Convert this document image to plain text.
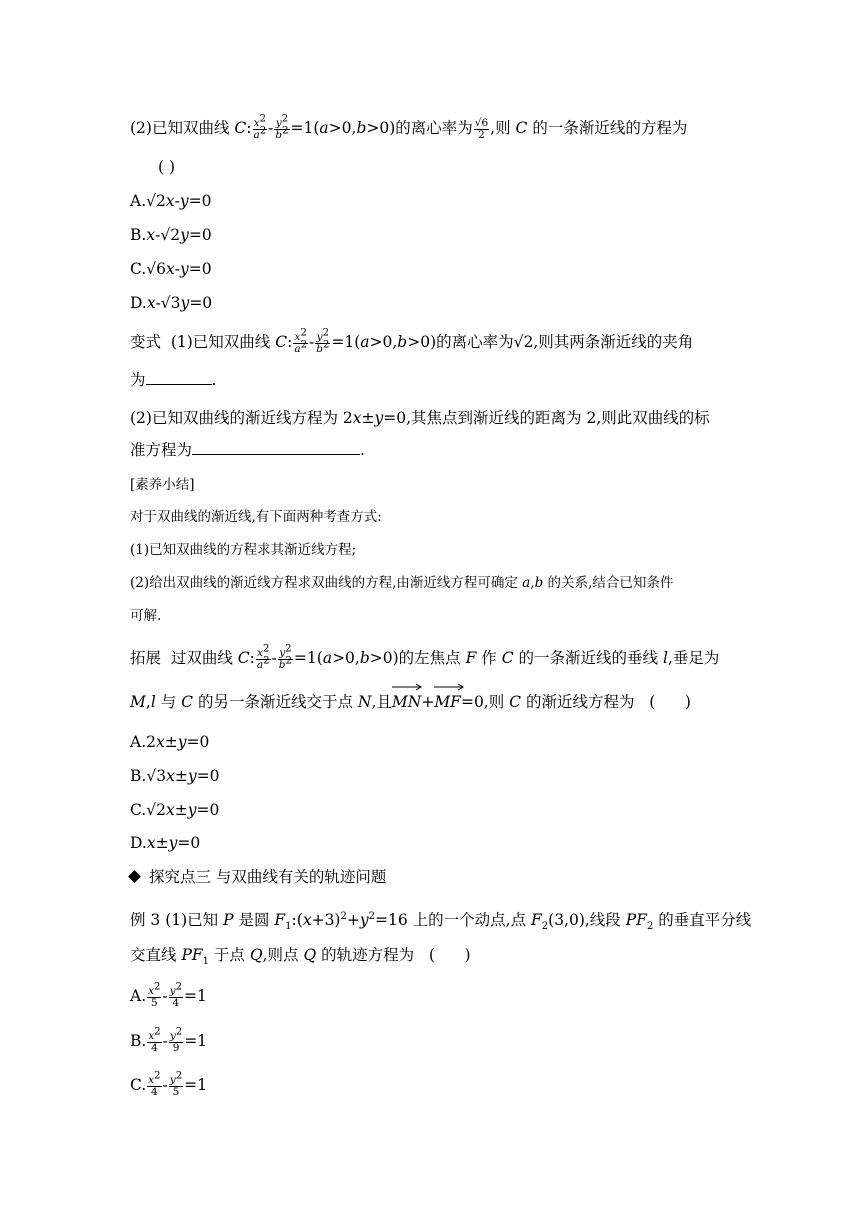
(2)已知双曲线 C: $\frac{x^2}{a^2} - \frac{y^2}{b^2} =1(a>0,b>0)$的离心率为 $\frac{√6}{2}$ ,则 C 的一条渐近线的方程为
( )
A.√2x-y=0
B.x-√2y=0
C.√6x-y=0
D.x-√3y=0
变式  (1)已知双曲线 C: $\frac{x^2}{a^2} - \frac{y^2}{b^2} =1(a>0,b>0)$的离心率为√2,则其两条渐近线的夹角
为	.
(2)已知双曲线的渐近线方程为 2x±y=0,其焦点到渐近线的距离为 2,则此双曲线的标
准方程为	.
[素养小结]
对于双曲线的渐近线,有下面两种考查方式:
(1)已知双曲线的方程求其渐近线方程;
(2)给出双曲线的渐近线方程求双曲线的方程,由渐近线方程可确定 a,b 的关系,结合已知条件
可解.
拓展  过双曲线 C: $\frac{x^2}{a^2} - \frac{y^2}{b^2} =1(a>0,b>0)$的左焦点 F 作 C 的一条渐近线的垂线 l,垂足为
M,l 与 C 的另一条渐近线交于点 N,且
MN+
MF=0,则 C 的渐近线方程为   (      )
A.2x±y=0
B.√3x±y=0
C.√2x±y=0
D.x±y=0
探究点三 与双曲线有关的轨迹问题
例 3 (1)已知 P 是圆 $F_1:(x+3)^2+y^2=16$ 上的一个动点,点 $F_2(3,0)$,线段 $PF_2$ 的垂直平分线
交直线 $PF_1$ 于点 Q,则点 Q 的轨迹方程为   (      )
A. $\frac{x^2}{5} - \frac{y^2}{4} =1$
B. $\frac{x^2}{4} - \frac{y^2}{9} =1$
C. $\frac{x^2}{4} - \frac{y^2}{5} =1$
